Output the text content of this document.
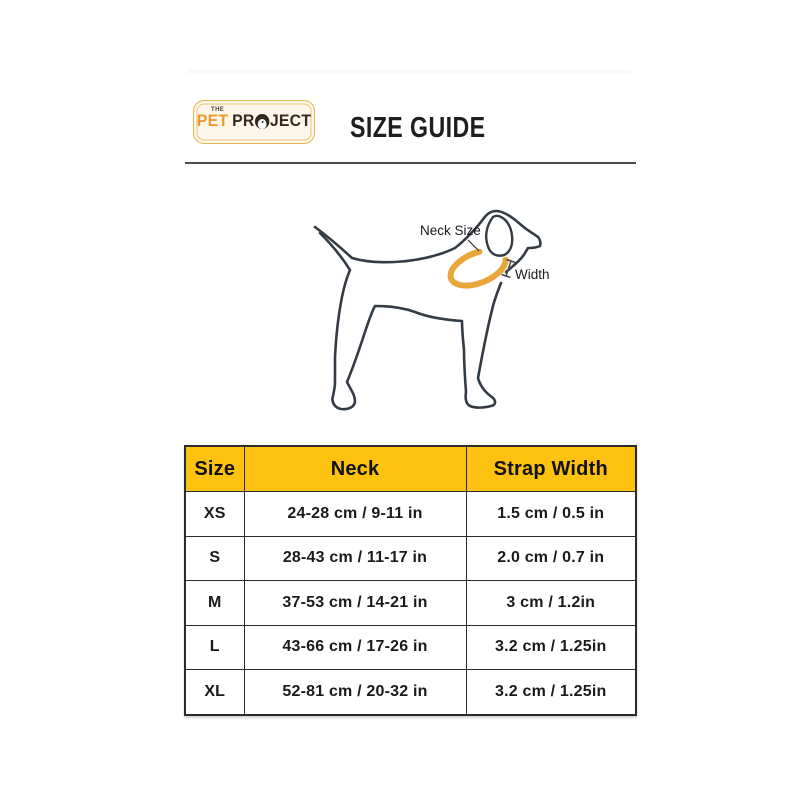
THE
PET PR JECT SIZE GUIDE
Neck Size
Width
Size	Neck	Strap Width
XS	24-28 cm / 9-11 in	1.5 cm / 0.5 in
S	28-43 cm / 11-17 in	2.0 cm / 0.7 in
M	37-53 cm / 14-21 in	3 cm / 1.2in
L	43-66 cm / 17-26 in	3.2 cm / 1.25in
XL	52-81 cm / 20-32 in	3.2 cm / 1.25in
